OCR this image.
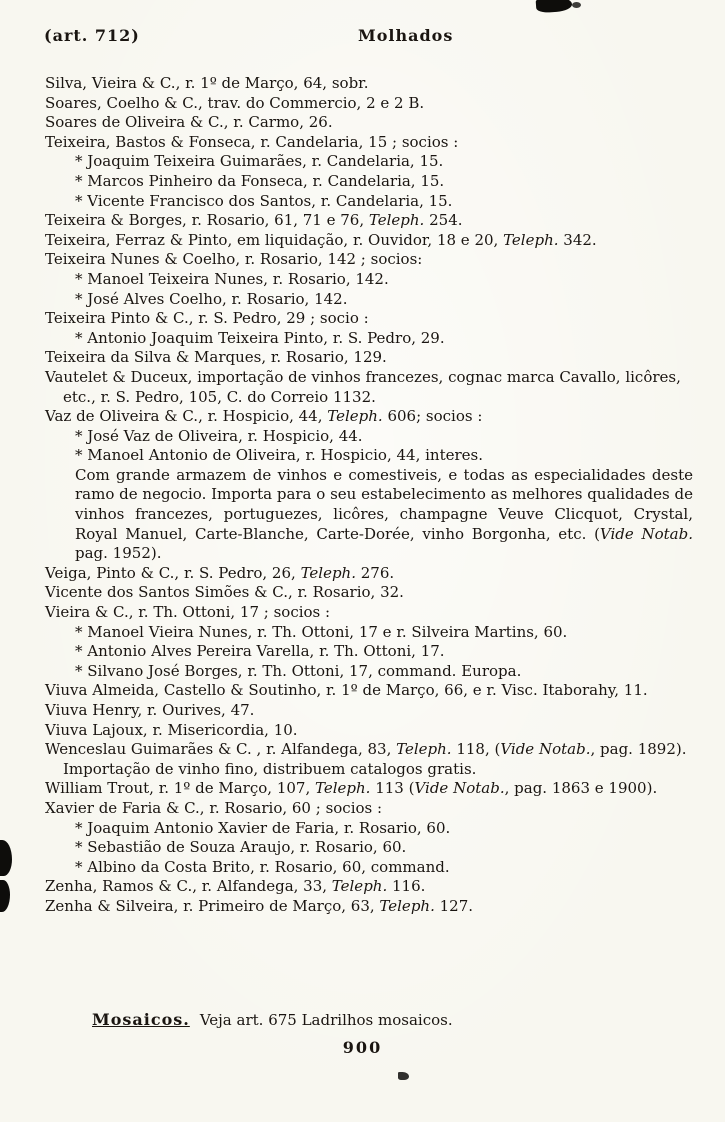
(art. 712)	Molhados

Silva, Vieira & C., r. 1º de Março, 64, sobr.

Soares, Coelho & C., trav. do Commercio, 2 e 2 B.

Soares de Oliveira & C., r. Carmo, 26.

Teixeira, Bastos & Fonseca, r. Candelaria, 15 ; socios :

* Joaquim Teixeira Guimarães, r. Candelaria, 15.

* Marcos Pinheiro da Fonseca, r. Candelaria, 15.

* Vicente Francisco dos Santos, r. Candelaria, 15.

Teixeira & Borges, r. Rosario, 61, 71 e 76, Teleph. 254.

Teixeira, Ferraz & Pinto, em liquidação, r. Ouvidor, 18 e 20, Teleph. 342.

Teixeira Nunes & Coelho, r. Rosario, 142 ; socios:

* Manoel Teixeira Nunes, r. Rosario, 142.

* José Alves Coelho, r. Rosario, 142.

Teixeira Pinto & C., r. S. Pedro, 29 ; socio :

* Antonio Joaquim Teixeira Pinto, r. S. Pedro, 29.

Teixeira da Silva & Marques, r. Rosario, 129.

Vautelet & Duceux, importação de vinhos francezes, cognac marca Cavallo, licôres, etc., r. S. Pedro, 105, C. do Correio 1132.

Vaz de Oliveira & C., r. Hospicio, 44, Teleph. 606; socios :

* José Vaz de Oliveira, r. Hospicio, 44.

* Manoel Antonio de Oliveira, r. Hospicio, 44, interes.

Com grande armazem de vinhos e comestiveis, e todas as especialidades deste ramo de negocio. Importa para o seu estabelecimento as melhores qualidades de vinhos francezes, portuguezes, licôres, champagne Veuve Clicquot, Crystal, Royal Manuel, Carte-Blanche, Carte-Dorée, vinho Borgonha, etc. (Vide Notab. pag. 1952).

Veiga, Pinto & C., r. S. Pedro, 26, Teleph. 276.

Vicente dos Santos Simões & C., r. Rosario, 32.

Vieira & C., r. Th. Ottoni, 17 ; socios :

* Manoel Vieira Nunes, r. Th. Ottoni, 17 e r. Silveira Martins, 60.

* Antonio Alves Pereira Varella, r. Th. Ottoni, 17.

* Silvano José Borges, r. Th. Ottoni, 17, command. Europa.

Viuva Almeida, Castello & Soutinho, r. 1º de Março, 66, e r. Visc. Itaborahy, 11.

Viuva Henry, r. Ourives, 47.

Viuva Lajoux, r. Misericordia, 10.

Wenceslau Guimarães & C. , r. Alfandega, 83, Teleph. 118, (Vide Notab., pag. 1892). Importação de vinho fino, distribuem catalogos gratis.

William Trout, r. 1º de Março, 107, Teleph. 113 (Vide Notab., pag. 1863 e 1900).

Xavier de Faria & C., r. Rosario, 60 ; socios :

* Joaquim Antonio Xavier de Faria, r. Rosario, 60.

* Sebastião de Souza Araujo, r. Rosario, 60.

* Albino da Costa Brito, r. Rosario, 60, command.

Zenha, Ramos & C., r. Alfandega, 33, Teleph. 116.

Zenha & Silveira, r. Primeiro de Março, 63, Teleph. 127.

Mosaicos. Veja art. 675 Ladrilhos mosaicos.
900
